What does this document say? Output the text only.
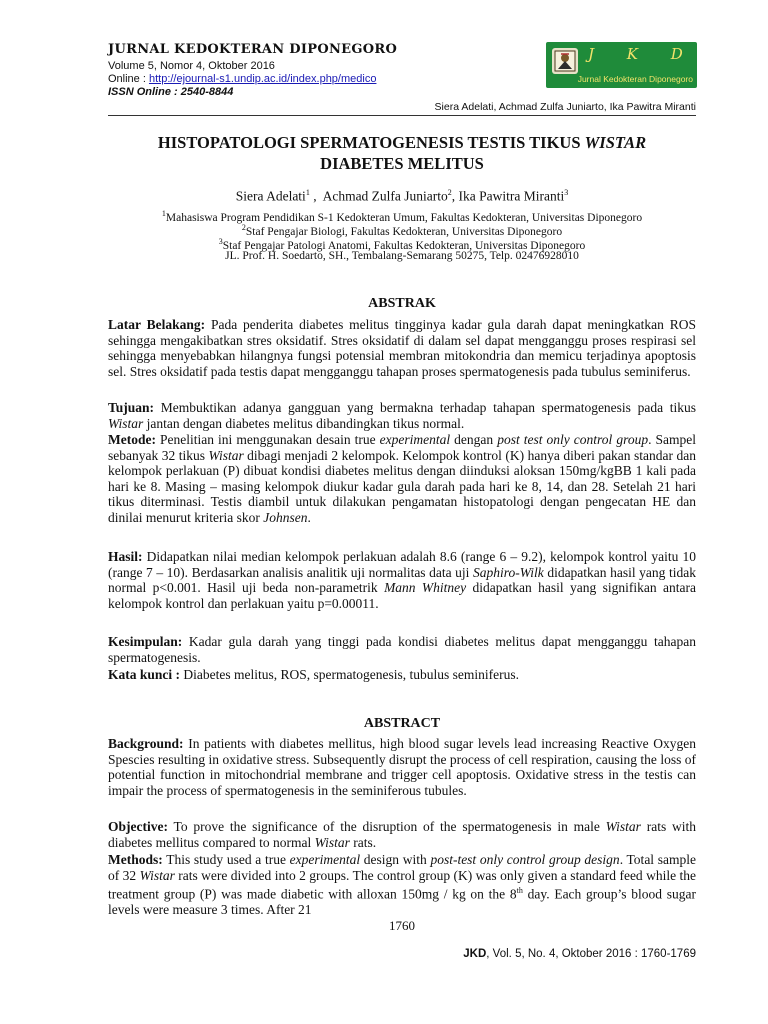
JURNAL KEDOKTERAN DIPONEGORO
Volume 5, Nomor 4, Oktober 2016
Online : http://ejournal-s1.undip.ac.id/index.php/medico
ISSN Online : 2540-8844
Siera Adelati, Achmad Zulfa Juniarto, Ika Pawitra Miranti
J K D
Jurnal Kedokteran Diponegoro
HISTOPATOLOGI SPERMATOGENESIS TESTIS TIKUS WISTAR
DIABETES MELITUS
Siera Adelati$^1$ ,  Achmad Zulfa Juniarto$^2$, Ika Pawitra Miranti$^3$
$^1$Mahasiswa Program Pendidikan S-1 Kedokteran Umum, Fakultas Kedokteran, Universitas Diponegoro
$^2$Staf Pengajar Biologi, Fakultas Kedokteran, Universitas Diponegoro
$^3$Staf Pengajar Patologi Anatomi, Fakultas Kedokteran, Universitas Diponegoro
JL. Prof. H. Soedarto, SH., Tembalang-Semarang 50275, Telp. 02476928010
ABSTRAK
Latar Belakang: Pada penderita diabetes melitus tingginya kadar gula darah dapat meningkatkan ROS sehingga mengakibatkan stres oksidatif. Stres oksidatif di dalam sel dapat mengganggu proses respirasi sel sehingga menyebabkan hilangnya fungsi potensial membran mitokondria dan memicu terjadinya apoptosis sel. Stres oksidatif pada testis dapat mengganggu tahapan proses spermatogenesis pada tubulus seminiferus.
Tujuan: Membuktikan adanya gangguan yang bermakna terhadap tahapan spermatogenesis pada tikus Wistar jantan dengan diabetes melitus dibandingkan tikus normal.
Metode: Penelitian ini menggunakan desain true experimental dengan post test only control group. Sampel sebanyak 32 tikus Wistar dibagi menjadi 2 kelompok. Kelompok kontrol (K) hanya diberi pakan standar dan kelompok perlakuan (P) dibuat kondisi diabetes melitus dengan diinduksi aloksan 150mg/kgBB 1 kali pada hari ke 8. Masing – masing kelompok diukur kadar gula darah pada hari ke 8, 14, dan 28. Setelah 21 hari tikus diterminasi. Testis diambil untuk dilakukan pengamatan histopatologi dengan pengecatan HE dan dinilai menurut kriteria skor Johnsen.
Hasil: Didapatkan nilai median kelompok perlakuan adalah 8.6 (range 6 – 9.2), kelompok kontrol yaitu 10 (range 7 – 10). Berdasarkan analisis analitik uji normalitas data uji Saphiro-Wilk didapatkan hasil yang tidak normal p<0.001. Hasil uji beda non-parametrik Mann Whitney didapatkan hasil yang signifikan antara kelompok kontrol dan perlakuan yaitu p=0.00011.
Kesimpulan: Kadar gula darah yang tinggi pada kondisi diabetes melitus dapat mengganggu tahapan spermatogenesis.
Kata kunci : Diabetes melitus, ROS, spermatogenesis, tubulus seminiferus.
ABSTRACT
Background: In patients with diabetes mellitus, high blood sugar levels lead increasing Reactive Oxygen Spescies resulting in oxidative stress. Subsequently disrupt the process of cell respiration, causing the loss of potential function in mitochondrial membrane and trigger cell apoptosis. Oxidative stress in the testis can impair the process of spermatogenesis in the seminiferous tubules.
Objective: To prove the significance of the disruption of the spermatogenesis in male Wistar rats with diabetes mellitus compared to normal Wistar rats.
Methods: This study used a true experimental design with post-test only control group design. Total sample of 32 Wistar rats were divided into 2 groups. The control group (K) was only given a standard feed while the treatment group (P) was made diabetic with alloxan 150mg / kg on the 8th day. Each group’s blood sugar levels were measure 3 times. After 21
1760
JKD, Vol. 5, No. 4, Oktober 2016 : 1760-1769
